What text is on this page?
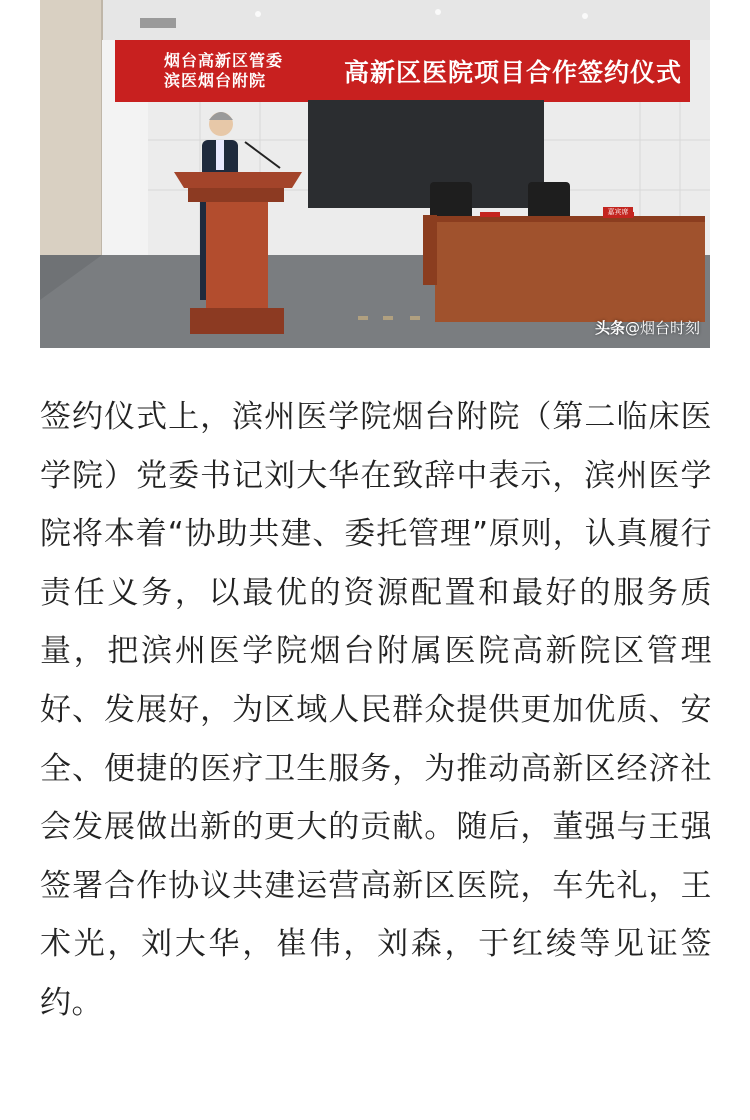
烟台高新区管委
滨医烟台附院	高新区医院项目合作签约仪式
嘉宾席
头条@烟台时刻

签约仪式上，滨州医学院烟台附院（第二临床医学院）党委书记刘大华在致辞中表示，滨州医学院将本着“协助共建、委托管理”原则，认真履行责任义务，以最优的资源配置和最好的服务质量，把滨州医学院烟台附属医院高新院区管理好、发展好，为区域人民群众提供更加优质、安全、便捷的医疗卫生服务，为推动高新区经济社会发展做出新的更大的贡献。随后，董强与王强签署合作协议共建运营高新区医院，车先礼，王术光，刘大华，崔伟，刘森，于红绫等见证签约。
